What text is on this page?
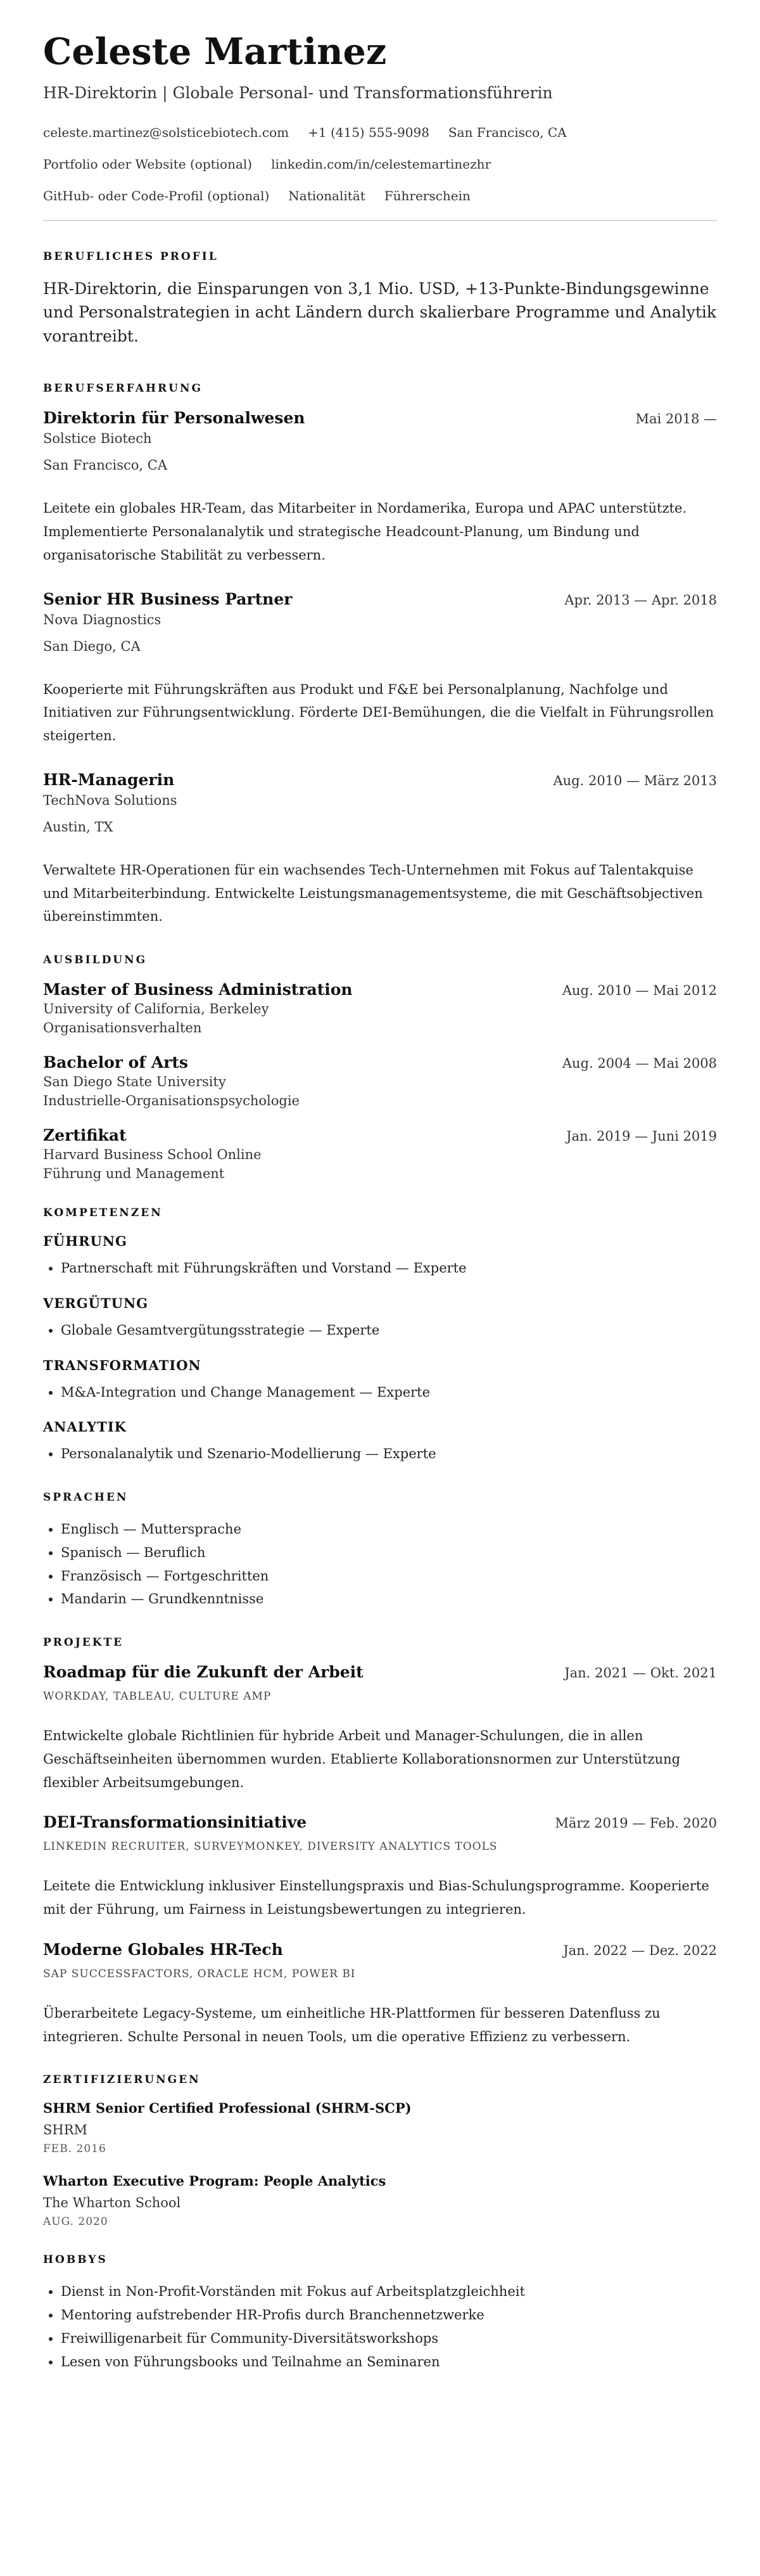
Celeste Martinez
HR-Direktorin | Globale Personal- und Transformationsführerin
celeste.martinez@solsticebiotech.com +1 (415) 555-9098 San Francisco, CA
Portfolio oder Website (optional) linkedin.com/in/celestemartinezhr
GitHub- oder Code-Profil (optional) Nationalität Führerschein
BERUFLICHES PROFIL
HR-Direktorin, die Einsparungen von 3,1 Mio. USD, +13-Punkte-Bindungsgewinne und Personalstrategien in acht Ländern durch skalierbare Programme und Analytik vorantreibt.
BERUFSERFAHRUNG
Direktorin für Personalwesen	Mai 2018 —
Solstice Biotech
San Francisco, CA
Leitete ein globales HR-Team, das Mitarbeiter in Nordamerika, Europa und APAC unterstützte. Implementierte Personalanalytik und strategische Headcount-Planung, um Bindung und organisatorische Stabilität zu verbessern.
Senior HR Business Partner	Apr. 2013 — Apr. 2018
Nova Diagnostics
San Diego, CA
Kooperierte mit Führungskräften aus Produkt und F&E bei Personalplanung, Nachfolge und Initiativen zur Führungsentwicklung. Förderte DEI-Bemühungen, die die Vielfalt in Führungsrollen steigerten.
HR-Managerin	Aug. 2010 — März 2013
TechNova Solutions
Austin, TX
Verwaltete HR-Operationen für ein wachsendes Tech-Unternehmen mit Fokus auf Talentakquise und Mitarbeiterbindung. Entwickelte Leistungsmanagementsysteme, die mit Geschäftsobjectiven übereinstimmten.
AUSBILDUNG
Master of Business Administration	Aug. 2010 — Mai 2012
University of California, Berkeley
Organisationsverhalten
Bachelor of Arts	Aug. 2004 — Mai 2008
San Diego State University
Industrielle-Organisationspsychologie
Zertifikat	Jan. 2019 — Juni 2019
Harvard Business School Online
Führung und Management
KOMPETENZEN
FÜHRUNG
• Partnerschaft mit Führungskräften und Vorstand — Experte
VERGÜTUNG
• Globale Gesamtvergütungsstrategie — Experte
TRANSFORMATION
• M&A-Integration und Change Management — Experte
ANALYTIK
• Personalanalytik und Szenario-Modellierung — Experte
SPRACHEN
• Englisch — Muttersprache
• Spanisch — Beruflich
• Französisch — Fortgeschritten
• Mandarin — Grundkenntnisse
PROJEKTE
Roadmap für die Zukunft der Arbeit	Jan. 2021 — Okt. 2021
WORKDAY, TABLEAU, CULTURE AMP
Entwickelte globale Richtlinien für hybride Arbeit und Manager-Schulungen, die in allen Geschäftseinheiten übernommen wurden. Etablierte Kollaborationsnormen zur Unterstützung flexibler Arbeitsumgebungen.
DEI-Transformationsinitiative	März 2019 — Feb. 2020
LINKEDIN RECRUITER, SURVEYMONKEY, DIVERSITY ANALYTICS TOOLS
Leitete die Entwicklung inklusiver Einstellungspraxis und Bias-Schulungsprogramme. Kooperierte mit der Führung, um Fairness in Leistungsbewertungen zu integrieren.
Moderne Globales HR-Tech	Jan. 2022 — Dez. 2022
SAP SUCCESSFACTORS, ORACLE HCM, POWER BI
Überarbeitete Legacy-Systeme, um einheitliche HR-Plattformen für besseren Datenfluss zu integrieren. Schulte Personal in neuen Tools, um die operative Effizienz zu verbessern.
ZERTIFIZIERUNGEN
SHRM Senior Certified Professional (SHRM-SCP)
SHRM
FEB. 2016
Wharton Executive Program: People Analytics
The Wharton School
AUG. 2020
HOBBYS
• Dienst in Non-Profit-Vorständen mit Fokus auf Arbeitsplatzgleichheit
• Mentoring aufstrebender HR-Profis durch Branchennetzwerke
• Freiwilligenarbeit für Community-Diversitätsworkshops
• Lesen von Führungsbooks und Teilnahme an Seminaren
